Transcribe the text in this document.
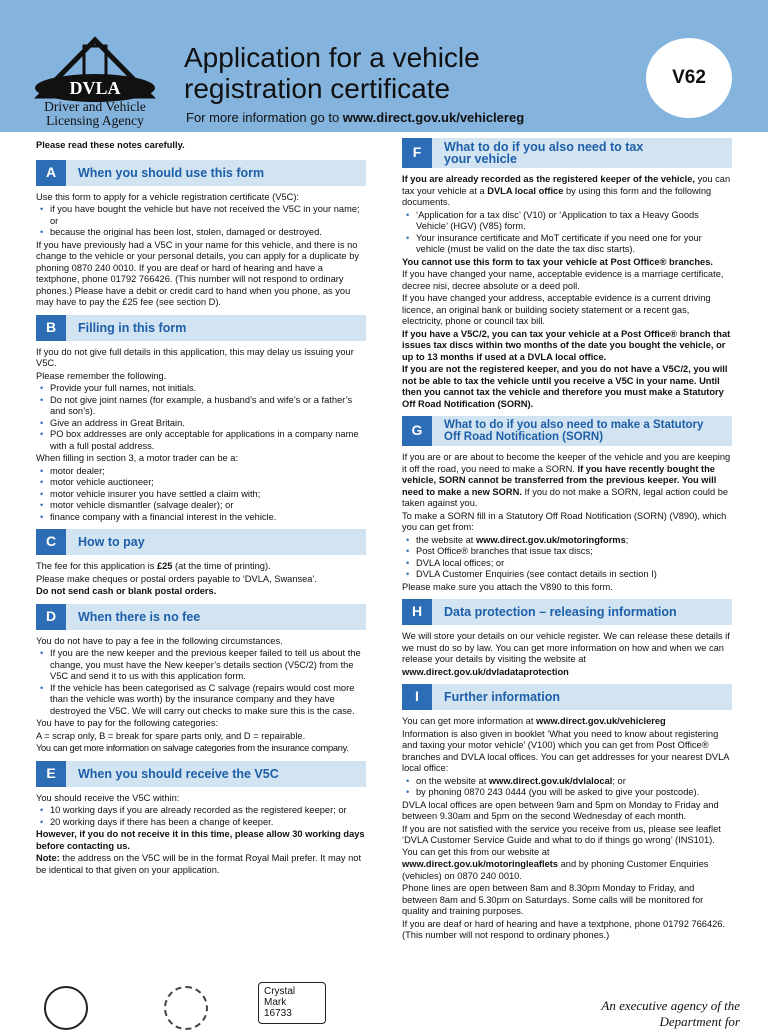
DVLA
Driver and Vehicle
Licensing Agency
Application for a vehicle
registration certificate
For more information go to www.direct.gov.uk/vehiclereg
V62
Please read these notes carefully.
A	When you should use this form

Use this form to apply for a vehicle registration certificate (V5C):

• if you have bought the vehicle but have not received the V5C in your name; or
• because the original has been lost, stolen, damaged or destroyed.

If you have previously had a V5C in your name for this vehicle, and there is no change to the vehicle or your personal details, you can apply for a duplicate by phoning 0870 240 0010. If you are deaf or hard of hearing and have a textphone, phone 01792 766426. (This number will not respond to ordinary phones.) Please have a debit or credit card to hand when you phone, as you may have to pay the £25 fee (see section D).

B	Filling in this form

If you do not give full details in this application, this may delay us issuing your V5C.

Please remember the following.

• Provide your full names, not initials.
• Do not give joint names (for example, a husband’s and wife’s or a father’s and son’s).
• Give an address in Great Britain.
• PO box addresses are only acceptable for applications in a company name with a full postal address.

When filling in section 3, a motor trader can be a:

• motor dealer;
• motor vehicle auctioneer;
• motor vehicle insurer you have settled a claim with;
• motor vehicle dismantler (salvage dealer); or
• finance company with a financial interest in the vehicle.
C	How to pay

The fee for this application is £25 (at the time of printing).

Please make cheques or postal orders payable to ‘DVLA, Swansea’.

Do not send cash or blank postal orders.

D	When there is no fee

You do not have to pay a fee in the following circumstances.

• If you are the new keeper and the previous keeper failed to tell us about the change, you must have the New keeper’s details section (V5C/2) from the V5C and send it to us with this application form.
• If the vehicle has been categorised as C salvage (repairs would cost more than the vehicle was worth) by the insurance company and they have destroyed the V5C. We will carry out checks to make sure this is the case.

You have to pay for the following categories:

A = scrap only, B = break for spare parts only, and D = repairable.

You can get more information on salvage categories from the insurance company.

E	When you should receive the V5C

You should receive the V5C within:

• 10 working days if you are already recorded as the registered keeper; or
• 20 working days if there has been a change of keeper.

However, if you do not receive it in this time, please allow 30 working days before contacting us.

Note: the address on the V5C will be in the format Royal Mail prefer. It may not be identical to that given on your application.

F	What to do if you also need to tax
your vehicle

If you are already recorded as the registered keeper of the vehicle, you can tax your vehicle at a DVLA local office by using this form and the following documents.

• ‘Application for a tax disc’ (V10) or ‘Application to tax a Heavy Goods Vehicle’ (HGV) (V85) form.
• Your insurance certificate and MoT certificate if you need one for your vehicle (must be valid on the date the tax disc starts).

You cannot use this form to tax your vehicle at Post Office® branches.

If you have changed your name, acceptable evidence is a marriage certificate, decree nisi, decree absolute or a deed poll.

If you have changed your address, acceptable evidence is a current driving licence, an original bank or building society statement or a recent gas, electricity, phone or council tax bill.

If you have a V5C/2, you can tax your vehicle at a Post Office® branch that issues tax discs within two months of the date you bought the vehicle, or up to 13 months if used at a DVLA local office.

If you are not the registered keeper, and you do not have a V5C/2, you will not be able to tax the vehicle until you receive a V5C in your name. Until then you cannot tax the vehicle and therefore you must make a Statutory Off Road Notification (SORN).

G	What to do if you also need to make a Statutory
Off Road Notification (SORN)

If you are or are about to become the keeper of the vehicle and you are keeping it off the road, you need to make a SORN. If you have recently bought the vehicle, SORN cannot be transferred from the previous keeper. You will need to make a new SORN. If you do not make a SORN, legal action could be taken against you.

To make a SORN fill in a Statutory Off Road Notification (SORN) (V890), which you can get from:

• the website at www.direct.gov.uk/motoringforms;
• Post Office® branches that issue tax discs;
• DVLA local offices; or
• DVLA Customer Enquiries (see contact details in section I)

Please make sure you attach the V890 to this form.

H	Data protection – releasing information

We will store your details on our vehicle register. We can release these details if we must do so by law. You can get more information on how and when we can release your details by visiting the website at

www.direct.gov.uk/dvladataprotection

I	Further information

You can get more information at www.direct.gov.uk/vehiclereg

Information is also given in booklet ‘What you need to know about registering and taxing your motor vehicle’ (V100) which you can get from Post Office® branches and DVLA local offices. You can get addresses for your nearest DVLA local office:

• on the website at www.direct.gov.uk/dvlalocal; or
• by phoning 0870 243 0444 (you will be asked to give your postcode).

DVLA local offices are open between 9am and 5pm on Monday to Friday and between 9.30am and 5pm on the second Wednesday of each month.

If you are not satisfied with the service you receive from us, please see leaflet ‘DVLA Customer Service Guide and what to do if things go wrong’ (INS101). You can get this from our website at

www.direct.gov.uk/motoringleaflets and by phoning Customer Enquiries (vehicles) on 0870 240 0010.

Phone lines are open between 8am and 8.30pm Monday to Friday, and between 8am and 5.30pm on Saturdays. Some calls will be monitored for quality and training purposes.

If you are deaf or hard of hearing and have a textphone, phone 01792 766426. (This number will not respond to ordinary phones.)

Crystal
Mark
16733
An executive agency of the
Department for
